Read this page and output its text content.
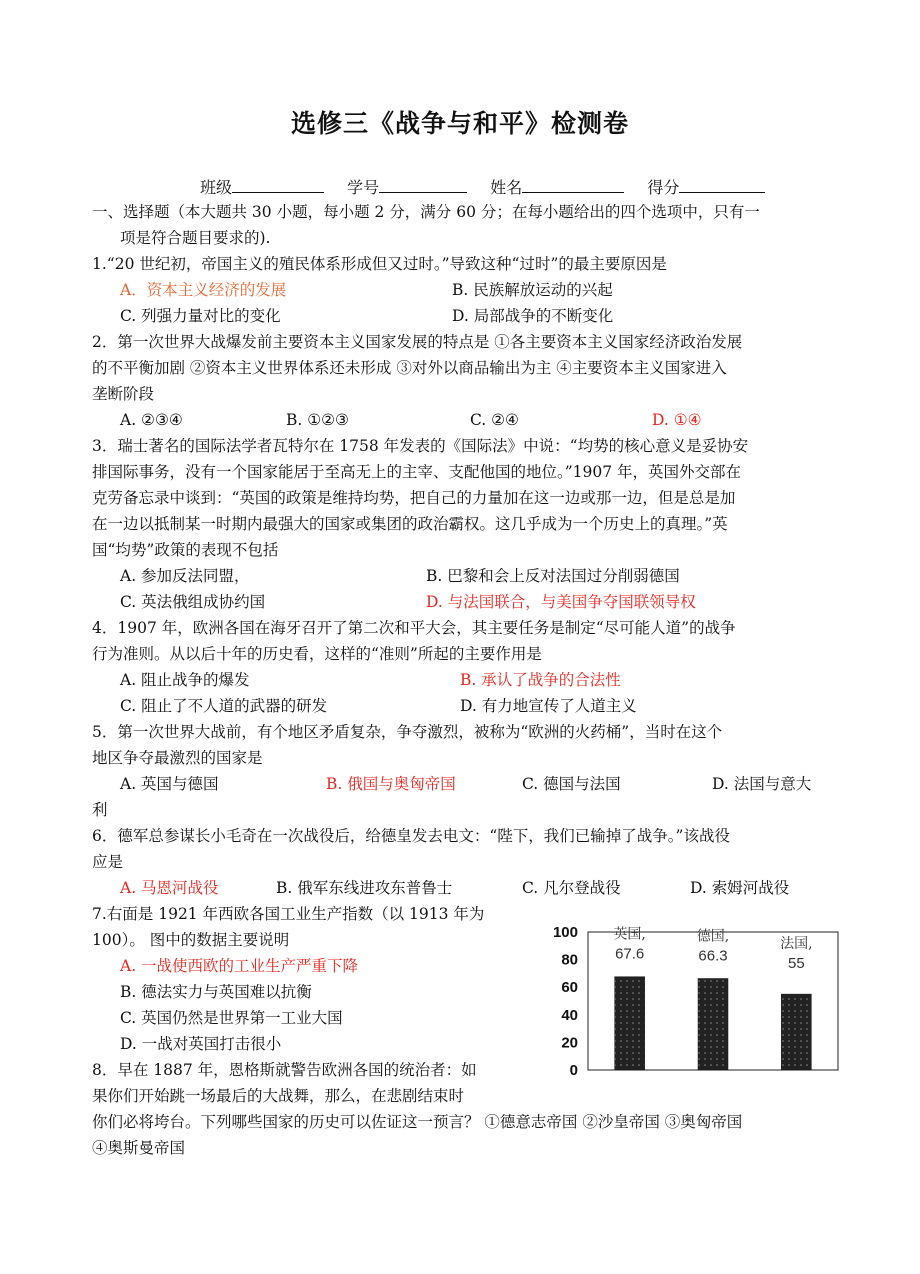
选修三《战争与和平》检测卷
班级	学号	姓名	得分
一、选择题（本大题共 30 小题，每小题 2 分，满分 60 分；在每小题给出的四个选项中，只有一
项是符合题目要求的).
1.“20 世纪初，帝国主义的殖民体系形成但又过时。”导致这种“过时”的最主要原因是
A．资本主义经济的发展	B. 民族解放运动的兴起
C. 列强力量对比的变化	D. 局部战争的不断变化
2．第一次世界大战爆发前主要资本主义国家发展的特点是 ①各主要资本主义国家经济政治发展
的不平衡加剧 ②资本主义世界体系还未形成 ③对外以商品输出为主 ④主要资本主义国家进入
垄断阶段
A. ②③④	B. ①②③	C. ②④	D. ①④
3．瑞士著名的国际法学者瓦特尔在 1758 年发表的《国际法》中说：“均势的核心意义是妥协安
排国际事务，没有一个国家能居于至高无上的主宰、支配他国的地位。”1907 年，英国外交部在
克劳备忘录中谈到：“英国的政策是维持均势，把自己的力量加在这一边或那一边，但是总是加
在一边以抵制某一时期内最强大的国家或集团的政治霸权。这几乎成为一个历史上的真理。”英
国“均势”政策的表现不包括
A. 参加反法同盟，	B. 巴黎和会上反对法国过分削弱德国
C. 英法俄组成协约国	D. 与法国联合，与美国争夺国联领导权
4．1907 年，欧洲各国在海牙召开了第二次和平大会，其主要任务是制定“尽可能人道”的战争
行为准则。从以后十年的历史看，这样的“准则”所起的主要作用是
A. 阻止战争的爆发	B. 承认了战争的合法性
C. 阻止了不人道的武器的研发	D. 有力地宣传了人道主义
5．第一次世界大战前，有个地区矛盾复杂，争夺激烈，被称为“欧洲的火药桶”，当时在这个
地区争夺最激烈的国家是
A. 英国与德国	B. 俄国与奥匈帝国	C. 德国与法国	D. 法国与意大
利
6．德军总参谋长小毛奇在一次战役后，给德皇发去电文：“陛下，我们已输掉了战争。”该战役
应是
A. 马恩河战役	B. 俄军东线进攻东普鲁士	C. 凡尔登战役	D. 索姆河战役
7.右面是 1921 年西欧各国工业生产指数（以 1913 年为
100）。 图中的数据主要说明
A. 一战使西欧的工业生产严重下降
B. 德法实力与英国难以抗衡
C. 英国仍然是世界第一工业大国
D. 一战对英国打击很小
0
20
40
60
80
100	英国,
67.6
德国,
66.3
法国,
55
8．早在 1887 年，恩格斯就警告欧洲各国的统治者：如
果你们开始跳一场最后的大战舞，那么，在悲剧结束时
你们必将垮台。下列哪些国家的历史可以佐证这一预言？ ①德意志帝国 ②沙皇帝国 ③奥匈帝国
④奥斯曼帝国
